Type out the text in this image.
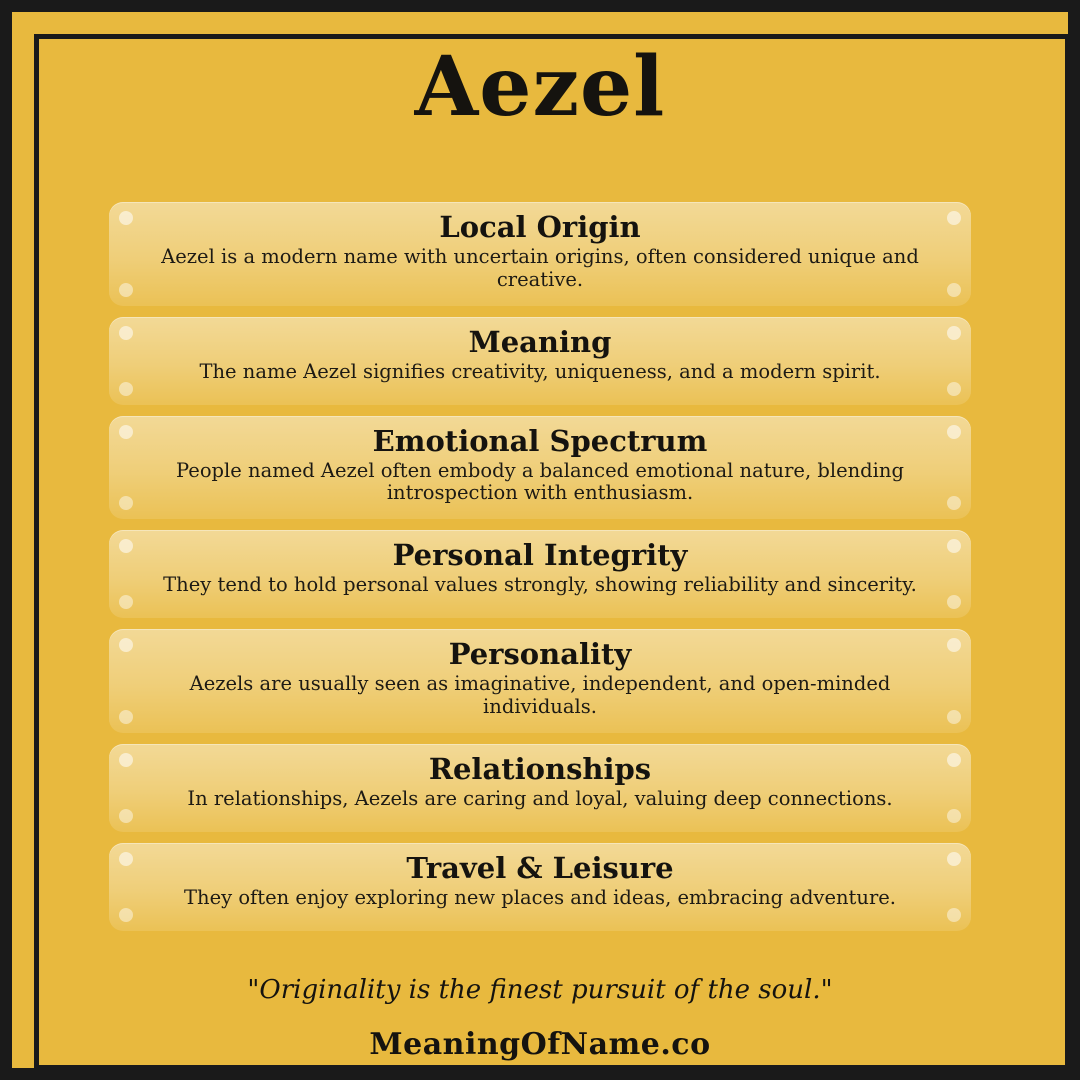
Aezel
Local Origin
Aezel is a modern name with uncertain origins, often considered unique and creative.
Meaning
The name Aezel signifies creativity, uniqueness, and a modern spirit.
Emotional Spectrum
People named Aezel often embody a balanced emotional nature, blending introspection with enthusiasm.
Personal Integrity
They tend to hold personal values strongly, showing reliability and sincerity.
Personality
Aezels are usually seen as imaginative, independent, and open-minded individuals.
Relationships
In relationships, Aezels are caring and loyal, valuing deep connections.
Travel & Leisure
They often enjoy exploring new places and ideas, embracing adventure.
"Originality is the finest pursuit of the soul."
MeaningOfName.co
